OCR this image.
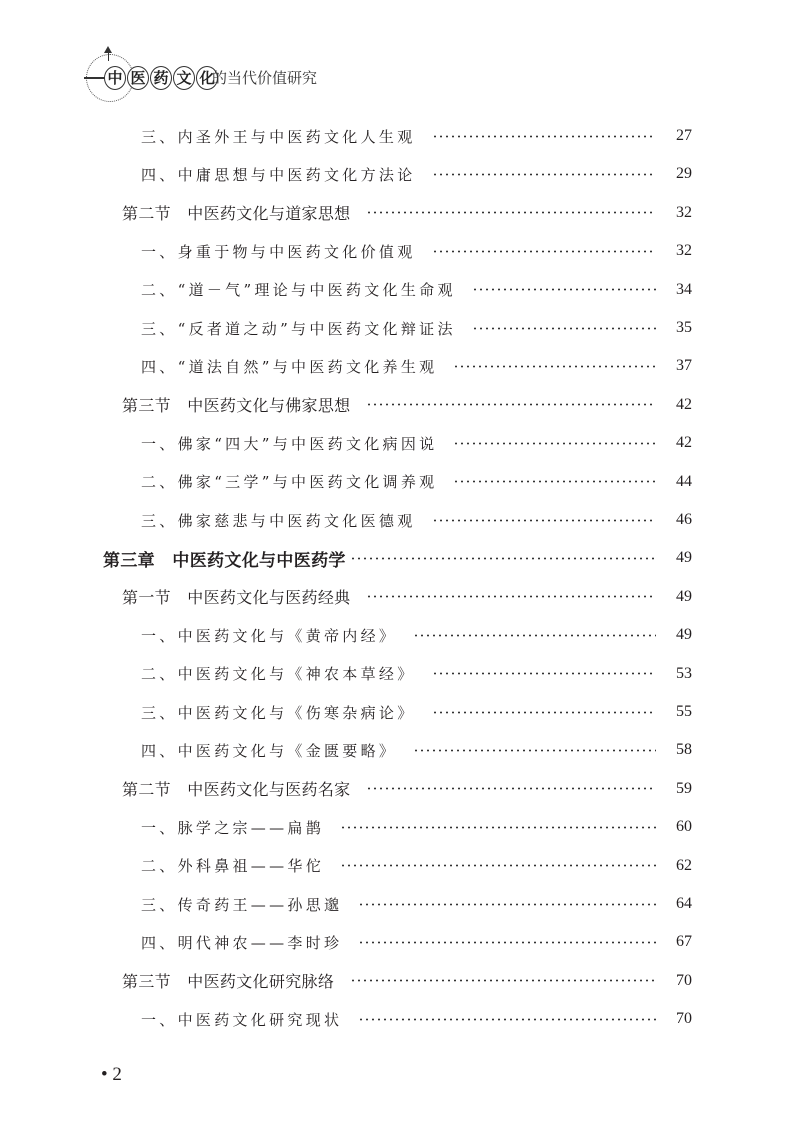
中 医 药 文 化
的当代价值研究
三、内圣外王与中医药文化人生观	27
四、中庸思想与中医药文化方法论	29
第二节　中医药文化与道家思想	32
一、身重于物与中医药文化价值观	32
二、“道－气”理论与中医药文化生命观	34
三、“反者道之动”与中医药文化辩证法	35
四、“道法自然”与中医药文化养生观	37
第三节　中医药文化与佛家思想	42
一、佛家“四大”与中医药文化病因说	42
二、佛家“三学”与中医药文化调养观	44
三、佛家慈悲与中医药文化医德观	46
第三章　中医药文化与中医药学	49
第一节　中医药文化与医药经典	49
一、中医药文化与《黄帝内经》	49
二、中医药文化与《神农本草经》	53
三、中医药文化与《伤寒杂病论》	55
四、中医药文化与《金匮要略》	58
第二节　中医药文化与医药名家	59
一、脉学之宗——扁鹊	60
二、外科鼻祖——华佗	62
三、传奇药王——孙思邈	64
四、明代神农——李时珍	67
第三节　中医药文化研究脉络	70
一、中医药文化研究现状	70
• 2
